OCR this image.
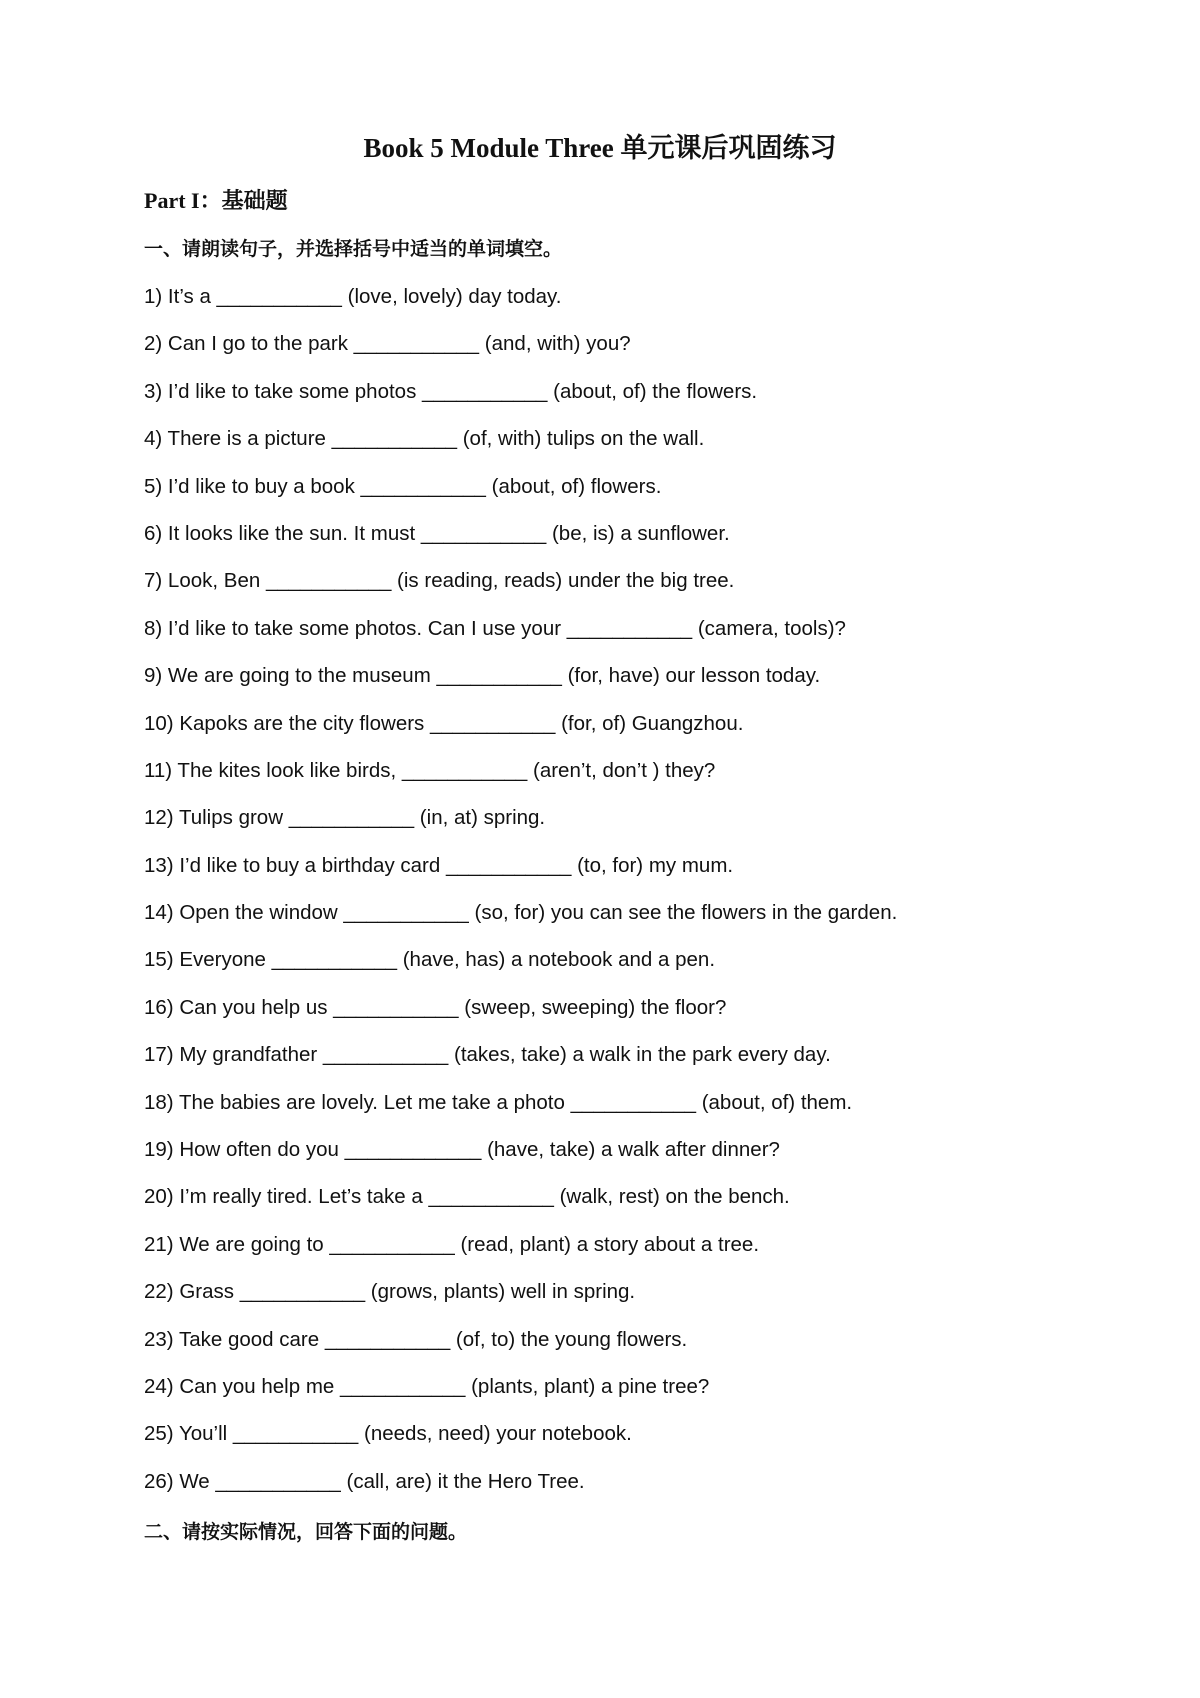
Book 5 Module Three 单元课后巩固练习
Part I：基础题
一、请朗读句子，并选择括号中适当的单词填空。
1) It’s a ___________ (love, lovely) day today.
2) Can I go to the park ___________ (and, with) you?
3) I’d like to take some photos ___________ (about, of) the flowers.
4) There is a picture ___________ (of, with) tulips on the wall.
5) I’d like to buy a book ___________ (about, of) flowers.
6) It looks like the sun. It must ___________ (be, is) a sunflower.
7) Look, Ben ___________ (is reading, reads) under the big tree.
8) I’d like to take some photos. Can I use your ___________ (camera, tools)?
9) We are going to the museum ___________ (for, have) our lesson today.
10) Kapoks are the city flowers ___________ (for, of) Guangzhou.
11) The kites look like birds, ___________ (aren’t, don’t ) they?
12) Tulips grow ___________ (in, at) spring.
13) I’d like to buy a birthday card ___________ (to, for) my mum.
14) Open the window ___________ (so, for) you can see the flowers in the garden.
15) Everyone ___________ (have, has) a notebook and a pen.
16) Can you help us ___________ (sweep, sweeping) the floor?
17) My grandfather ___________ (takes, take) a walk in the park every day.
18) The babies are lovely. Let me take a photo ___________ (about, of) them.
19) How often do you ____________ (have, take) a walk after dinner?
20) I’m really tired. Let’s take a ___________ (walk, rest) on the bench.
21) We are going to ___________ (read, plant) a story about a tree.
22) Grass ___________ (grows, plants) well in spring.
23) Take good care ___________ (of, to) the young flowers.
24) Can you help me ___________ (plants, plant) a pine tree?
25) You’ll ___________ (needs, need) your notebook.
26) We ___________ (call, are) it the Hero Tree.
二、请按实际情况，回答下面的问题。
